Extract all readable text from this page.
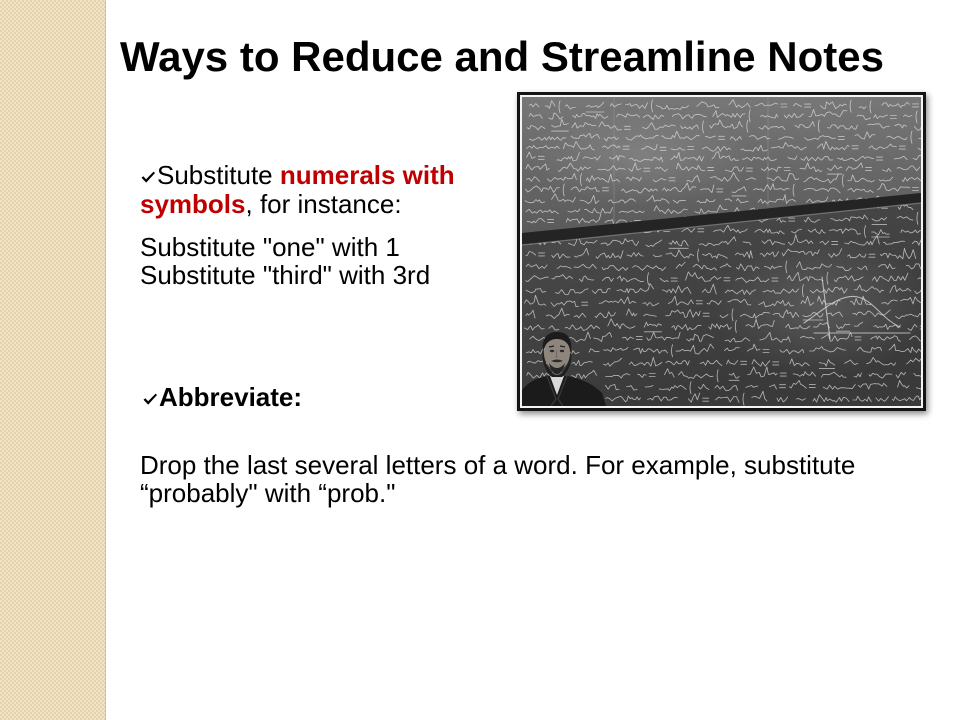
Ways to Reduce and Streamline Notes
Substitute numerals with
symbols, for instance:
Substitute "one" with 1
Substitute "third" with 3rd
Abbreviate:
Drop the last several letters of a word. For example, substitute
“probably" with “prob."
